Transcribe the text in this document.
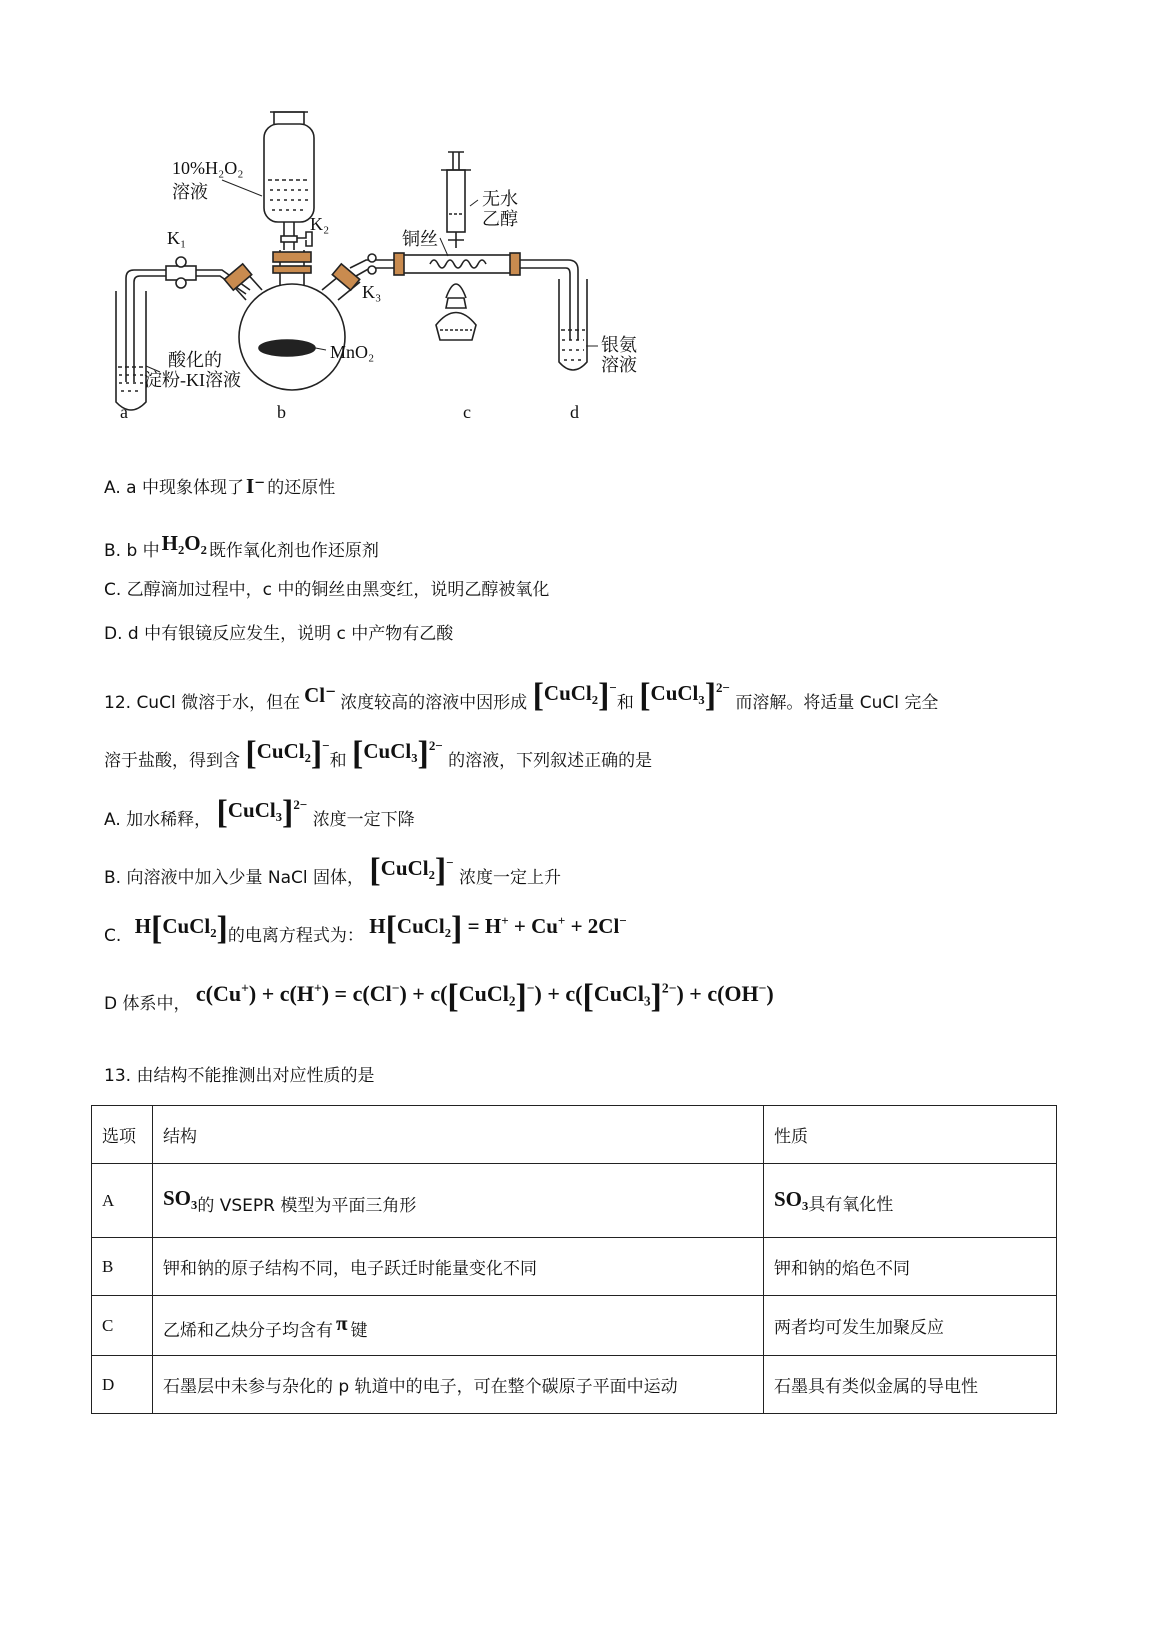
10%H₂O₂
溶液
K₁
K₂
K₃
无水
乙醇
铜丝
MnO₂
酸化的
淀粉-KI溶液
银氨
溶液
a	b	c	d
A. a 中现象体现了I⁻ 的还原性
B. b 中H₂O₂ 既作氧化剂也作还原剂
C. 乙醇滴加过程中，c 中的铜丝由黑变红，说明乙醇被氧化
D. d 中有银镜反应发生，说明 c 中产物有乙酸
12. CuCl 微溶于水，但在 Cl⁻ 浓度较高的溶液中因形成 [CuCl₂]−和 [CuCl₃]$^{2-}$ 而溶解。将适量 CuCl 完全
溶于盐酸，得到含 [CuCl₂]−和 [CuCl₃]$^{2-}$ 的溶液，下列叙述正确的是
A. 加水稀释， [CuCl₃]$^{2-}$ 浓度一定下降
B. 向溶液中加入少量 NaCl 固体， [CuCl₂]− 浓度一定上升
C. H[CuCl₂]的电离方程式为： H[CuCl₂] = H+ + Cu+ + 2Cl−
D 体系中， c(Cu+) + c(H+) = c(Cl−) + c([CuCl₂]−) + c([CuCl₃]$^{2-}$) + c(OH−)
13. 由结构不能推测出对应性质的是
选项	结构	性质
A	SO₃的 VSEPR 模型为平面三角形	SO₃具有氧化性
B	钾和钠的原子结构不同，电子跃迁时能量变化不同	钾和钠的焰色不同
C	乙烯和乙炔分子均含有 π 键	两者均可发生加聚反应
D	石墨层中未参与杂化的 p 轨道中的电子，可在整个碳原子平面中运动	石墨具有类似金属的导电性
